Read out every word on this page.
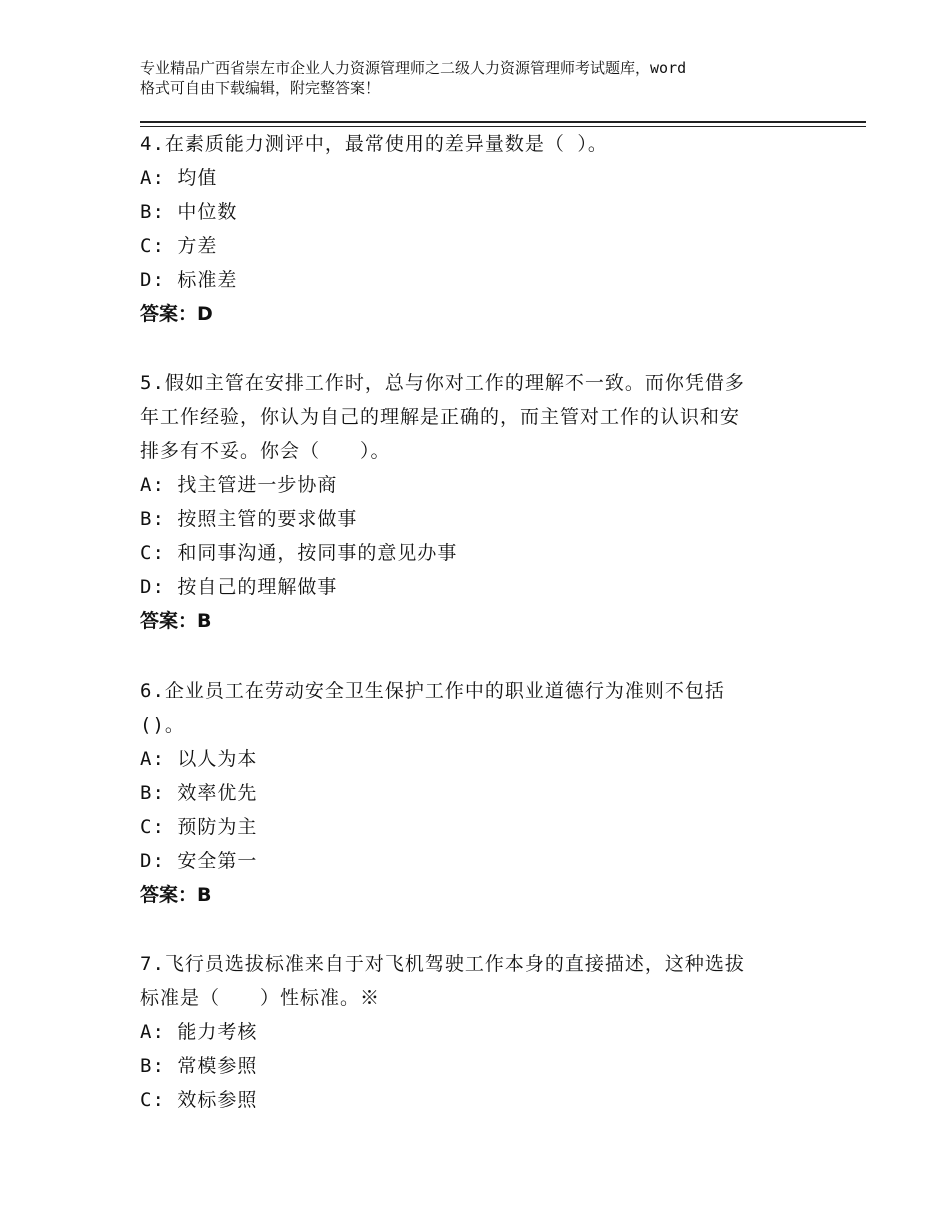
专业精品广西省崇左市企业人力资源管理师之二级人力资源管理师考试题库，word
格式可自由下载编辑，附完整答案！

4.在素质能力测评中，最常使用的差异量数是（ ）。

A: 均值

B: 中位数

C: 方差

D: 标准差

答案：D

5.假如主管在安排工作时，总与你对工作的理解不一致。而你凭借多

年工作经验，你认为自己的理解是正确的，而主管对工作的认识和安

排多有不妥。你会（　　）。

A: 找主管进一步协商

B: 按照主管的要求做事

C: 和同事沟通，按同事的意见办事

D: 按自己的理解做事

答案：B

6.企业员工在劳动安全卫生保护工作中的职业道德行为准则不包括

()。

A: 以人为本

B: 效率优先

C: 预防为主

D: 安全第一

答案：B

7.飞行员选拔标准来自于对飞机驾驶工作本身的直接描述，这种选拔

标准是（　　）性标准。※

A: 能力考核

B: 常模参照

C: 效标参照
